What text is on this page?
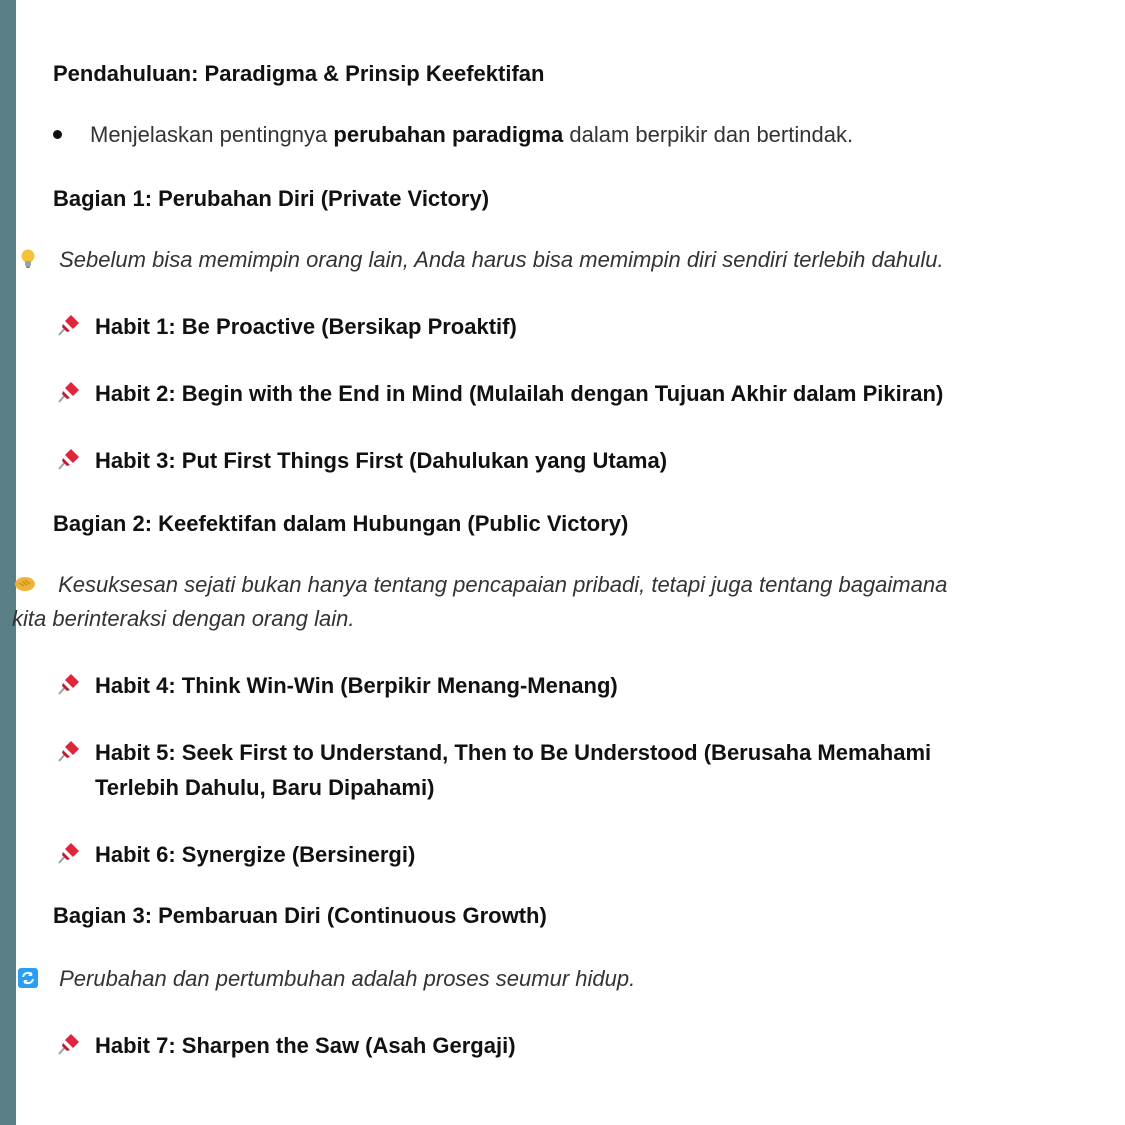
Pendahuluan: Paradigma & Prinsip Keefektifan
Menjelaskan pentingnya perubahan paradigma dalam berpikir dan bertindak.
Bagian 1: Perubahan Diri (Private Victory)
Sebelum bisa memimpin orang lain, Anda harus bisa memimpin diri sendiri terlebih dahulu.
Habit 1: Be Proactive (Bersikap Proaktif)
Habit 2: Begin with the End in Mind (Mulailah dengan Tujuan Akhir dalam Pikiran)
Habit 3: Put First Things First (Dahulukan yang Utama)
Bagian 2: Keefektifan dalam Hubungan (Public Victory)
Kesuksesan sejati bukan hanya tentang pencapaian pribadi, tetapi juga tentang bagaimana
kita berinteraksi dengan orang lain.
Habit 4: Think Win-Win (Berpikir Menang-Menang)
Habit 5: Seek First to Understand, Then to Be Understood (Berusaha Memahami
Terlebih Dahulu, Baru Dipahami)
Habit 6: Synergize (Bersinergi)
Bagian 3: Pembaruan Diri (Continuous Growth)
Perubahan dan pertumbuhan adalah proses seumur hidup.
Habit 7: Sharpen the Saw (Asah Gergaji)
